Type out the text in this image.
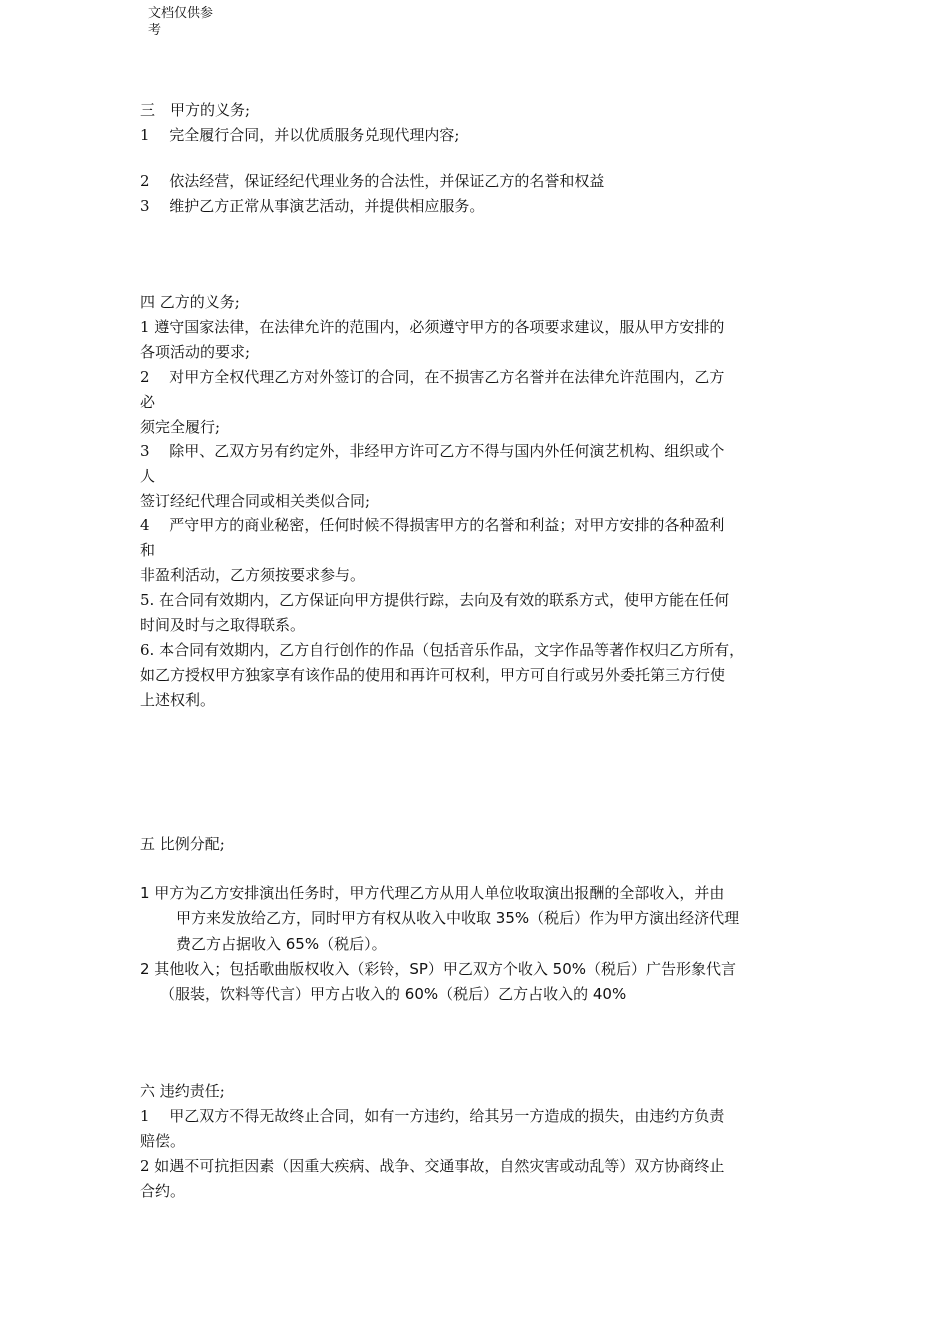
文档仅供参
考
三　甲方的义务;
1　 完全履行合同，并以优质服务兑现代理内容;
2　 依法经营，保证经纪代理业务的合法性，并保证乙方的名誉和权益
3　 维护乙方正常从事演艺活动，并提供相应服务。
四 乙方的义务;
1 遵守国家法律，在法律允许的范围内，必须遵守甲方的各项要求建议，服从甲方安排的
各项活动的要求;
2　 对甲方全权代理乙方对外签订的合同，在不损害乙方名誉并在法律允许范围内，乙方
必
须完全履行;
3　 除甲、乙双方另有约定外，非经甲方许可乙方不得与国内外任何演艺机构、组织或个
人
签订经纪代理合同或相关类似合同;
4　 严守甲方的商业秘密，任何时候不得损害甲方的名誉和利益；对甲方安排的各种盈利
和
非盈利活动，乙方须按要求参与。
5. 在合同有效期内，乙方保证向甲方提供行踪，去向及有效的联系方式，使甲方能在任何
时间及时与之取得联系。
6. 本合同有效期内，乙方自行创作的作品（包括音乐作品，文字作品等著作权归乙方所有，
如乙方授权甲方独家享有该作品的使用和再许可权利，甲方可自行或另外委托第三方行使
上述权利。
五 比例分配;
1 甲方为乙方安排演出任务时，甲方代理乙方从用人单位收取演出报酬的全部收入，并由
甲方来发放给乙方，同时甲方有权从收入中收取 35%（税后）作为甲方演出经济代理
费乙方占据收入 65%（税后）。
2 其他收入；包括歌曲版权收入（彩铃，SP）甲乙双方个收入 50%（税后）广告形象代言
（服装，饮料等代言）甲方占收入的 60%（税后）乙方占收入的 40%
六 违约责任;
1　 甲乙双方不得无故终止合同，如有一方违约，给其另一方造成的损失，由违约方负责
赔偿。
2 如遇不可抗拒因素（因重大疾病、战争、交通事故，自然灾害或动乱等）双方协商终止
合约。
